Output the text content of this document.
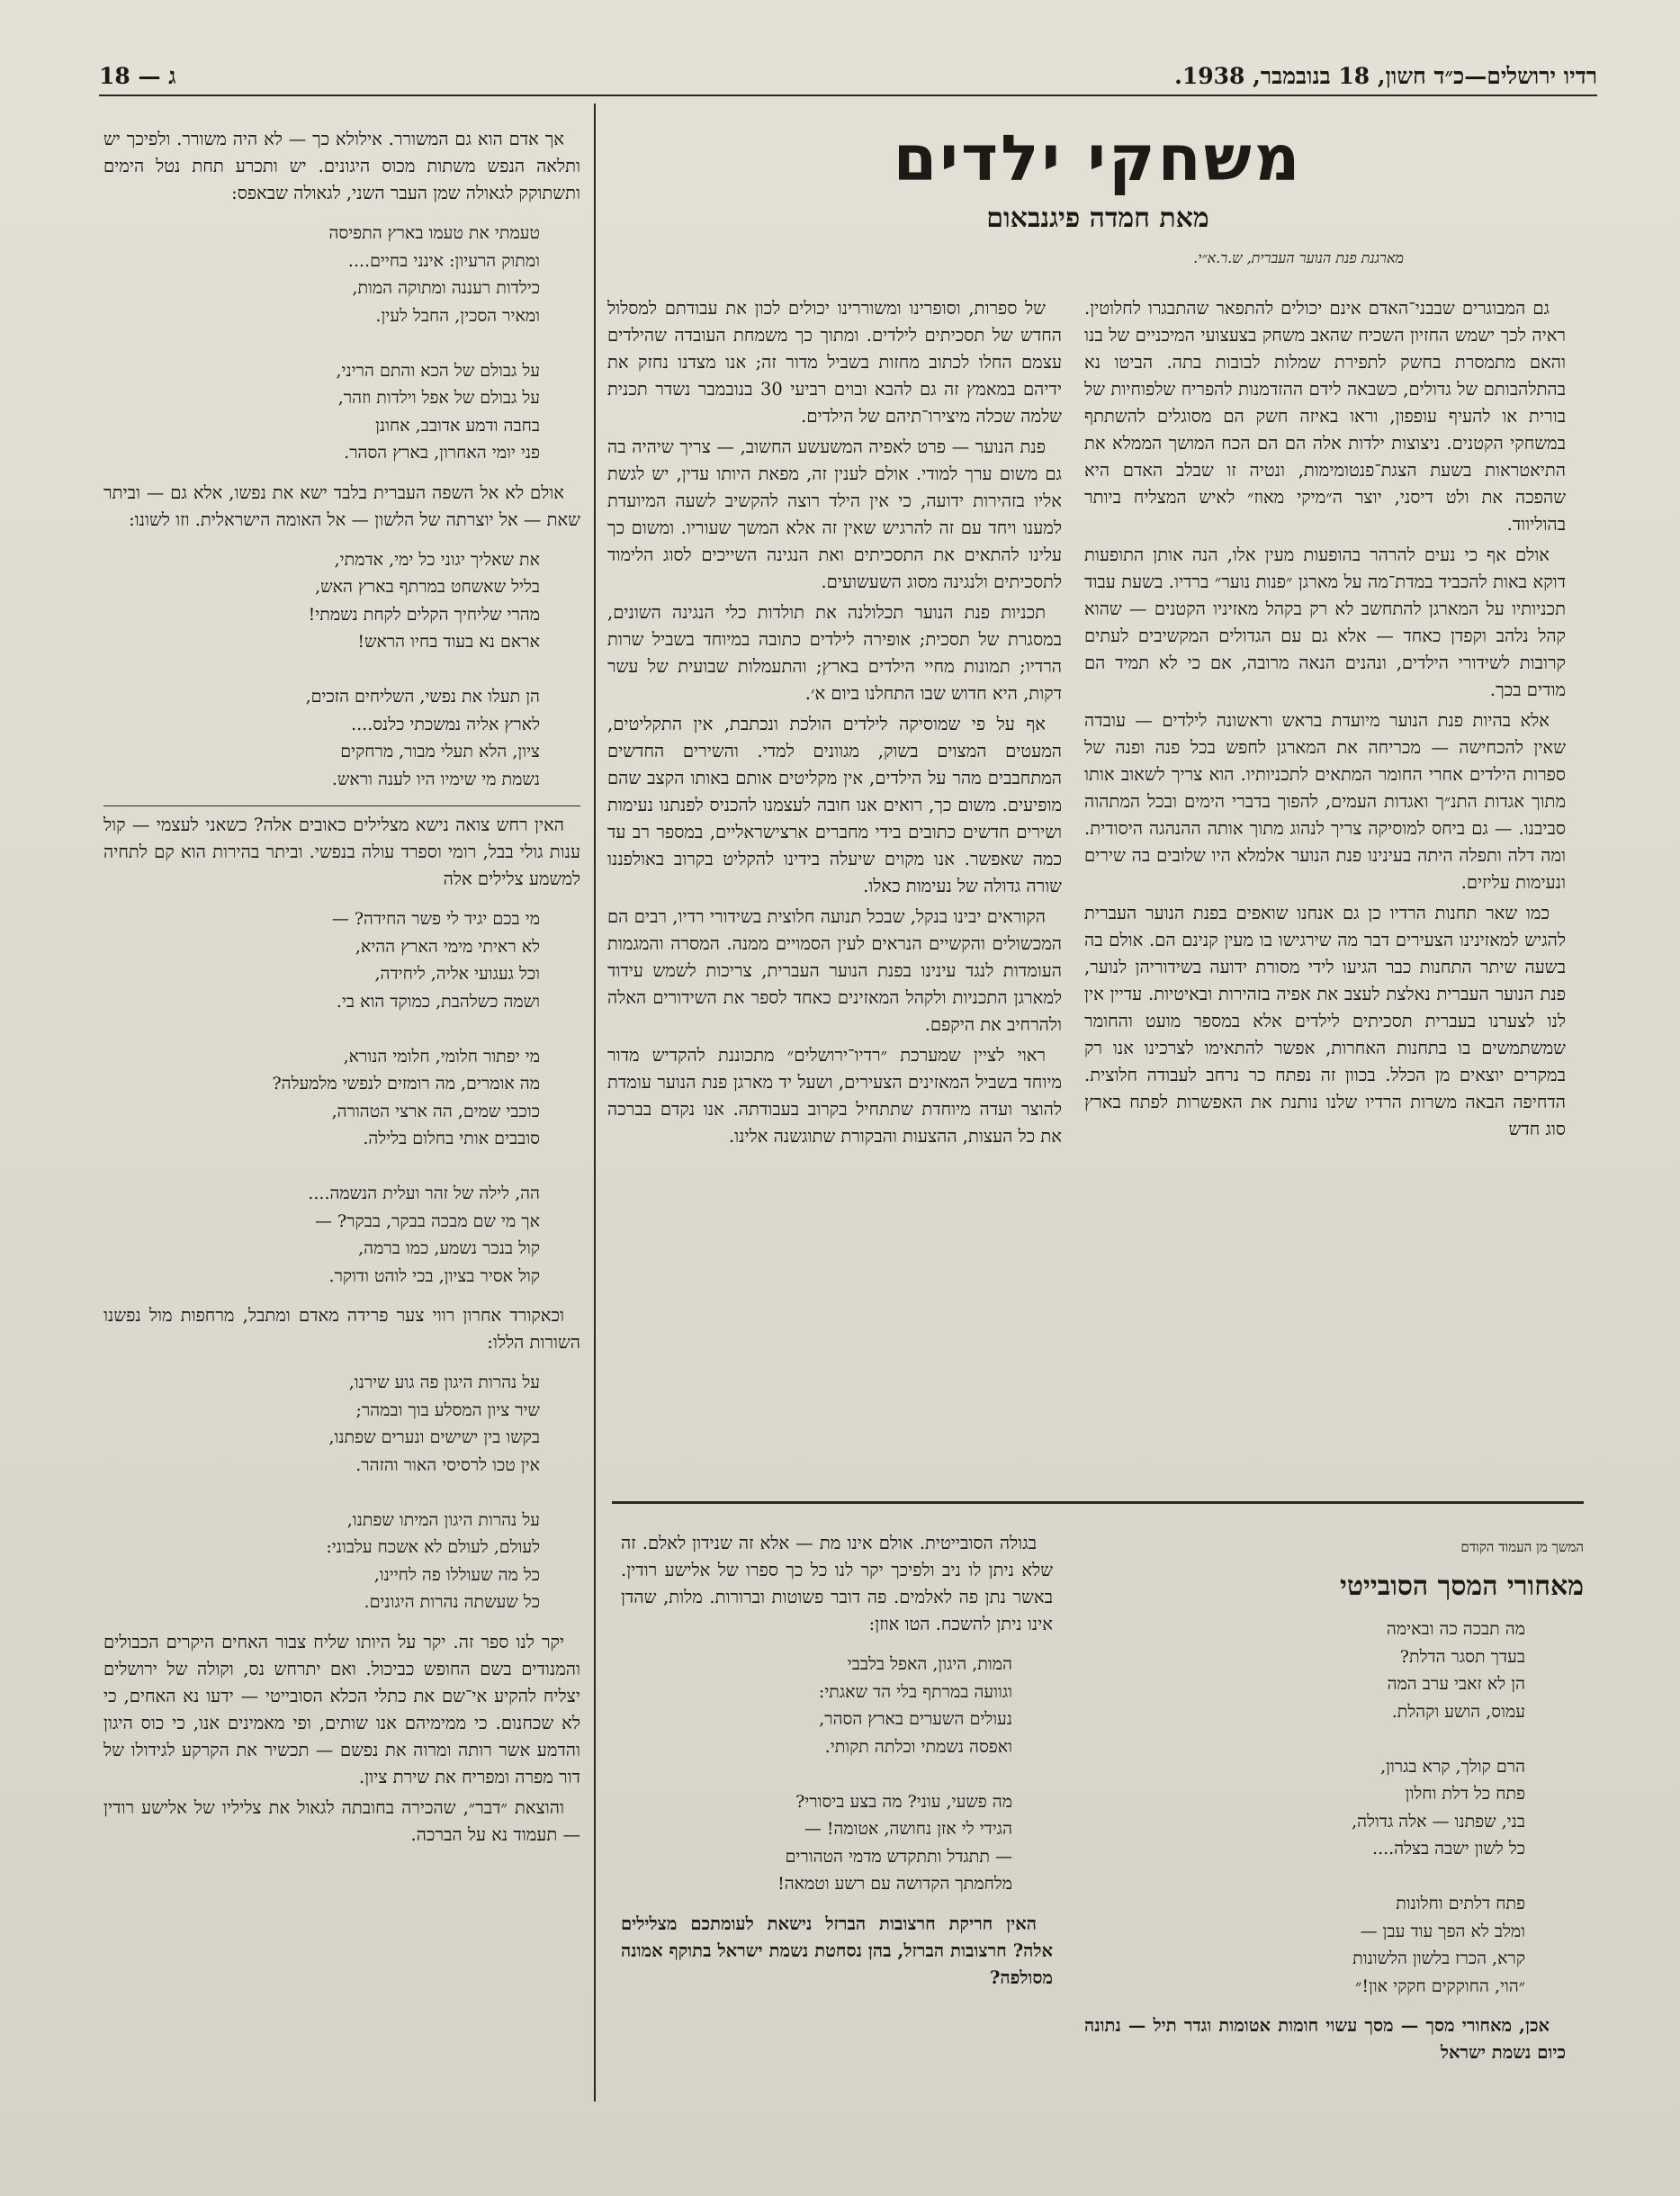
רדיו ירושלים—כ״ד חשון, 18 בנובמבר, 1938.
ג — 18
משחקי ילדים
מאת חמדה פיגנבאום
מארגנת פנת הנוער העברית, ש.ר.א״י.

גם המבוגרים שבבני־האדם אינם יכולים להתפאר שהתבגרו לחלוטין. ראיה לכך ישמש החזיון השכיח שהאב משחק בצעצועי המיכניים של בנו והאם מתמסרת בחשק לתפירת שמלות לבובות בתה. הביטו נא בהתלהבותם של גדולים, כשבאה לידם ההזדמנות להפריח שלפוחיות של בורית או להעיף עופפון, וראו באיזה חשק הם מסוגלים להשתתף במשחקי הקטנים. ניצוצות ילדות אלה הם הם הכח המושך הממלא את התיאטראות בשעת הצגת־פנטומימות, ונטיה זו שבלב האדם היא שהפכה את ולט דיסני, יוצר ה״מיקי מאוז״ לאיש המצליח ביותר בהוליווד.

אולם אף כי נעים להרהר בהופעות מעין אלו, הנה אותן התופעות דוקא באות להכביד במדת־מה על מארגן ״פנות נוער״ ברדיו. בשעת עבוד תכניותיו על המארגן להתחשב לא רק בקהל מאזיניו הקטנים — שהוא קהל נלהב וקפדן כאחד — אלא גם עם הגדולים המקשיבים לעתים קרובות לשידורי הילדים, ונהנים הנאה מרובה, אם כי לא תמיד הם מודים בכך.

אלא בהיות פנת הנוער מיועדת בראש וראשונה לילדים — עובדה שאין להכחישה — מכריחה את המארגן לחפש בכל פנה ופנה של ספרות הילדים אחרי החומר המתאים לתכניותיו. הוא צריך לשאוב אותו מתוך אגדות התנ״ך ואגדות העמים, להפוך בדברי הימים ובכל המתהוה סביבנו. — גם ביחס למוסיקה צריך לנהוג מתוך אותה ההנהגה היסודית. ומה דלה ותפלה היתה בעינינו פנת הנוער אלמלא היו שלובים בה שירים ונעימות עליזים.

כמו שאר תחנות הרדיו כן גם אנחנו שואפים בפנת הנוער העברית להגיש למאזינינו הצעירים דבר מה שירגישו בו מעין קנינם הם. אולם בה בשעה שיתר התחנות כבר הגיעו לידי מסורת ידועה בשידוריהן לנוער, פנת הנוער העברית נאלצת לעצב את אפיה בזהירות ובאיטיות. עדיין אין לנו לצערנו בעברית תסכיתים לילדים אלא במספר מועט והחומר שמשתמשים בו בתחנות האחרות, אפשר להתאימו לצרכינו אנו רק במקרים יוצאים מן הכלל. בכוון זה נפתח כר נרחב לעבודה חלוצית. הדחיפה הבאה משרות הרדיו שלנו נותנת את האפשרות לפתח בארץ סוג חדש

של ספרות, וסופרינו ומשוררינו יכולים לכון את עבודתם למסלול החדש של תסכיתים לילדים. ומתוך כך משמחת העובדה שהילדים עצמם החלו לכתוב מחזות בשביל מדור זה; אנו מצדנו נחזק את ידיהם במאמץ זה גם להבא ובוים רביעי 30 בנובמבר נשדר תכנית שלמה שכלה מיצירו־תיהם של הילדים.

פנת הנוער — פרט לאפיה המשעשע החשוב, — צריך שיהיה בה גם משום ערך למודי. אולם לענין זה, מפאת היותו עדין, יש לגשת אליו בזהירות ידועה, כי אין הילד רוצה להקשיב לשעה המיועדת למענו ויחד עם זה להרגיש שאין זה אלא המשך שעוריו. ומשום כך עלינו להתאים את התסכיתים ואת הנגינה השייכים לסוג הלימוד לתסכיתים ולנגינה מסוג השעשועים.

תכניות פנת הנוער תכלולנה את תולדות כלי הנגינה השונים, במסגרת של תסכית; אופירה לילדים כתובה במיוחד בשביל שרות הרדיו; תמונות מחיי הילדים בארץ; והתעמלות שבועית של עשר דקות, היא חדוש שבו התחלנו ביום א׳.

אף על פי שמוסיקה לילדים הולכת ונכתבת, אין התקליטים, המעטים המצוים בשוק, מגוונים למדי. והשירים החדשים המתחבבים מהר על הילדים, אין מקליטים אותם באותו הקצב שהם מופיעים. משום כך, רואים אנו חובה לעצמנו להכניס לפנתנו נעימות ושירים חדשים כתובים בידי מחברים ארצישראליים, במספר רב עד כמה שאפשר. אנו מקוים שיעלה בידינו להקליט בקרוב באולפננו שורה גדולה של נעימות כאלו.

הקוראים יבינו בנקל, שבכל תנועה חלוצית בשידורי רדיו, רבים הם המכשולים והקשיים הנראים לעין הסמויים ממנה. המסרה והמגמות העומדות לנגד עינינו בפנת הנוער העברית, צריכות לשמש עידוד למארגן התכניות ולקהל המאזינים כאחד לספר את השידורים האלה ולהרחיב את היקפם.

ראוי לציין שמערכת ״רדיו־ירושלים״ מתכוננת להקדיש מדור מיוחד בשביל המאזינים הצעירים, ושעל יד מארגן פנת הנוער עומדת להוצר ועדה מיוחדת שתתחיל בקרוב בעבודתה. אנו נקדם בברכה את כל העצות, ההצעות והבקורת שתוגשנה אלינו.

אך אדם הוא גם המשורר. אילולא כך — לא היה משורר. ולפיכך יש ותלאה הנפש משתות מכוס היגונים. יש ותכרע תחת נטל הימים ותשתוקק לגאולה שמן העבר השני, לגאולה שבאפס:

טעמתי את טעמו בארץ התפיסה
ומתוק הרעיון: אינני בחיים....
כילדות רעננה ומתוקה המות,
ומאיר הסכין, החבל לעין.

על גבולם של הכא והתם הריני,
על גבולם של אפל וילדות וזהר,
בחבה ודמע אדובב, אחונן
פני יומי האחרון, בארץ הסהר.

אולם לא אל השפה העברית בלבד ישא את נפשו, אלא גם — וביתר שאת — אל יוצרתה של הלשון — אל האומה הישראלית. וזו לשונו:

את שאליך יגוני כל ימי, אדמתי,
בליל שאשחט במרתף בארץ האש,
מהרי שליחיך הקלים לקחת נשמתי!
אראם נא בעוד בחיו הראש!

הן תעלו את נפשי, השליחים הזכים,
לארץ אליה נמשכתי כלנס....
ציון, הלא תעלי מבור, מרחקים
נשמת מי שימיו היו לענה וראש.

האין רחש צואה נישא מצלילים כאובים אלה? כשאני לעצמי — קול ענות גולי בבל, רומי וספרד עולה בנפשי. וביתר בהירות הוא קם לתחיה למשמע צלילים אלה

מי בכם יגיד לי פשר החידה? —
לא ראיתי מימי הארץ ההיא,
וכל געגועי אליה, ליחידה,
ושמה כשלהבת, כמוקד הוא בי.

מי יפתור חלומי, חלומי הנורא,
מה אומרים, מה רומזים לנפשי מלמעלה?
כוכבי שמים, הה ארצי הטהורה,
סובבים אותי בחלום בלילה.

הה, לילה של זהר ועלית הנשמה....
אך מי שם מבכה בבקר, בבקר? —
קול בנכר נשמע, כמו ברמה,
קול אסיר בציון, בכי לוהט ודוקר.

וכאקורד אחרון רווי צער פרידה מאדם ומתבל, מרחפות מול נפשנו השורות הללו:

על נהרות היגון פה גוע שירנו,
שיר ציון המסלע בוך ובמהר;
בקשו בין ישישים ונערים שפתנו,
אין טכו לרסיסי האור והזהר.

על נהרות היגון המיתו שפתנו,
לעולם, לעולם לא אשכח עלבוני:
כל מה שעוללו פה לחיינו,
כל שעשתה נהרות היגונים.

יקר לנו ספר זה. יקר על היותו שליח צבור האחים היקרים הכבולים והמנודים בשם החופש כביכול. ואם יתרחש נס, וקולה של ירושלים יצליח להקיע אי־שם את כתלי הכלא הסובייטי — ידעו נא האחים, כי לא שכחנום. כי ממימיהם אנו שותים, ופי מאמינים אנו, כי כוס היגון והדמע אשר רותה ומרוה את נפשם — תכשיר את הקרקע לגידולו של דור מפרה ומפריח את שירת ציון.

והוצאת ״דבר״, שהכירה בחובתה לגאול את צליליו של אלישע רודין — תעמוד נא על הברכה.

בגולה הסובייטית. אולם אינו מת — אלא זה שנידון לאלם. זה שלא ניתן לו ניב ולפיכך יקר לנו כל כך ספרו של אלישע רודין. באשר נתן פה לאלמים. פה דובר פשוטות וברורות. מלות, שהדן אינו ניתן להשכח. הטו אוזן:

המות, היגון, האפל בלבבי
וגוועה במרתף בלי הד שאגתי:
נעולים השערים בארץ הסהר,
ואפסה נשמתי וכלתה תקותי.

מה פשעי, עוני? מה בצע ביסורי?
הגידי לי אזן נחושה, אטומה! —
— תתגדל ותתקדש מדמי הטהורים
מלחמתך הקדושה עם רשע וטמאה!

האין חריקת חרצובות הברזל נישאת לעומתכם מצלילים אלה? חרצובות הברזל, בהן נסחטת נשמת ישראל בתוקף אמונה מסולפה?

המשך מן העמוד הקודם
מאחורי המסך הסובייטי
מה תבכה כה ובאימה
בעדך תסגר הדלת?
הן לא זאבי ערב המה
עמוס, הושע וקהלת.

הרם קולך, קרא בגרון,
פתח כל דלת וחלון
בני, שפתנו — אלה גדולה,
כל לשון ישבה בצלה....

פתח דלתים וחלונות
ומלב לא הפך עוד עבן —
קרא, הכרז בלשון הלשונות
״הוי, החוקקים חקקי און!״

אכן, מאחורי מסך — מסך עשוי חומות אטומות וגדר תיל — נתונה כיום נשמת ישראל
